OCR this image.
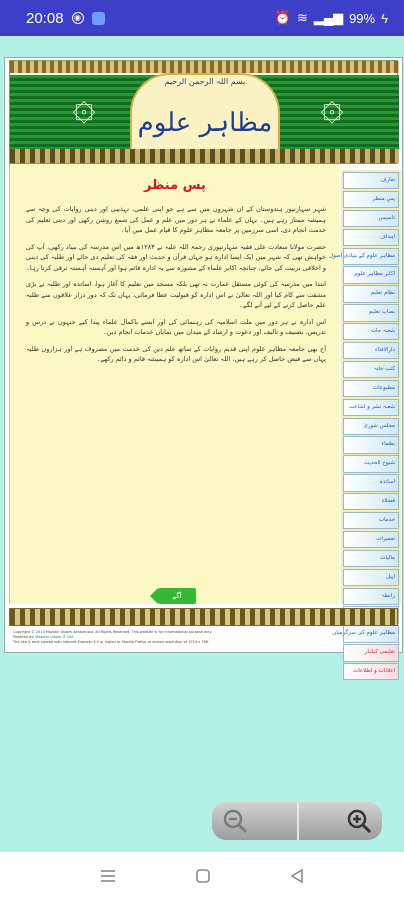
20:08	◉	⏰ ≋ ▂▄▆ 99% ϟ
۞	۞
بسم اللہ الرحمن الرحیم
مظاہر علوم
پس منظر

شہر سہارنپور ہندوستان کے ان شہروں میں سے ہے جو اپنی علمی، تہذیبی اور دینی روایات کی وجہ سے ہمیشہ ممتاز رہے ہیں۔ یہاں کے علماء نے ہر دور میں علم و عمل کی شمع روشن رکھی اور دینی تعلیم کی خدمت انجام دی، اسی سرزمین پر جامعہ مظاہر علوم کا قیام عمل میں آیا۔

حضرت مولانا سعادت علی فقیہ سہارنپوری رحمۃ اللہ علیہ نے ۱۲۸۳ھ میں اس مدرسہ کی بنیاد رکھی، آپ کی خواہش تھی کہ شہر میں ایک ایسا ادارہ ہو جہاں قرآن و حدیث اور فقہ کی تعلیم دی جائے اور طلبہ کی دینی و اخلاقی تربیت کی جائے، چنانچہ اکابر علماء کے مشورہ سے یہ ادارہ قائم ہوا اور آہستہ آہستہ ترقی کرتا رہا۔

ابتدا میں مدرسہ کی کوئی مستقل عمارت نہ تھی بلکہ مسجد میں تعلیم کا آغاز ہوا، اساتذہ اور طلبہ نے بڑی مشقت سے کام کیا اور اللہ تعالیٰ نے اس ادارہ کو قبولیت عطا فرمائی، یہاں تک کہ دور دراز علاقوں سے طلبہ علم حاصل کرنے کے لیے آنے لگے۔

اس ادارہ نے ہر دور میں ملت اسلامیہ کی رہنمائی کی اور ایسے باکمال علماء پیدا کیے جنہوں نے درس و تدریس، تصنیف و تالیف اور دعوت و ارشاد کے میدان میں نمایاں خدمات انجام دیں۔

آج بھی جامعہ مظاہر علوم اپنی قدیم روایات کے ساتھ علم دین کی خدمت میں مصروف ہے اور ہزاروں طلبہ یہاں سے فیض حاصل کر رہے ہیں، اللہ تعالیٰ اس ادارہ کو ہمیشہ قائم و دائم رکھے۔

آگے
تعارف
پس منظر
تاسیس
اہداف
مظاہر علوم کے بنیادی اصول
اکابر مظاہر علوم
نظام تعلیم
نصاب تعلیم
شعبہ جات
دارالافتاء
کتب خانہ
مطبوعات
شعبہ نشر و اشاعت
مجلس شوریٰ
نظماء
شیوخ الحدیث
اساتذہ
فضلاء
خدمات
تعمیرات
مالیات
اپیل
رابطہ
مظاہر علوم کی سرگرمیاں
تعلیمی کیلنڈر
اعلانات و اطلاعات
Copyright © 2013 Mazahir Uloom Saharanpur. All Rights Reserved. This website is for informational purpose only.
Powered by: Mazahir Uloom IT Cell
The site is best viewed with Internet Explorer 8.0 or higher or Mozilla Firefox at screen resolution of 1024 x 768.
